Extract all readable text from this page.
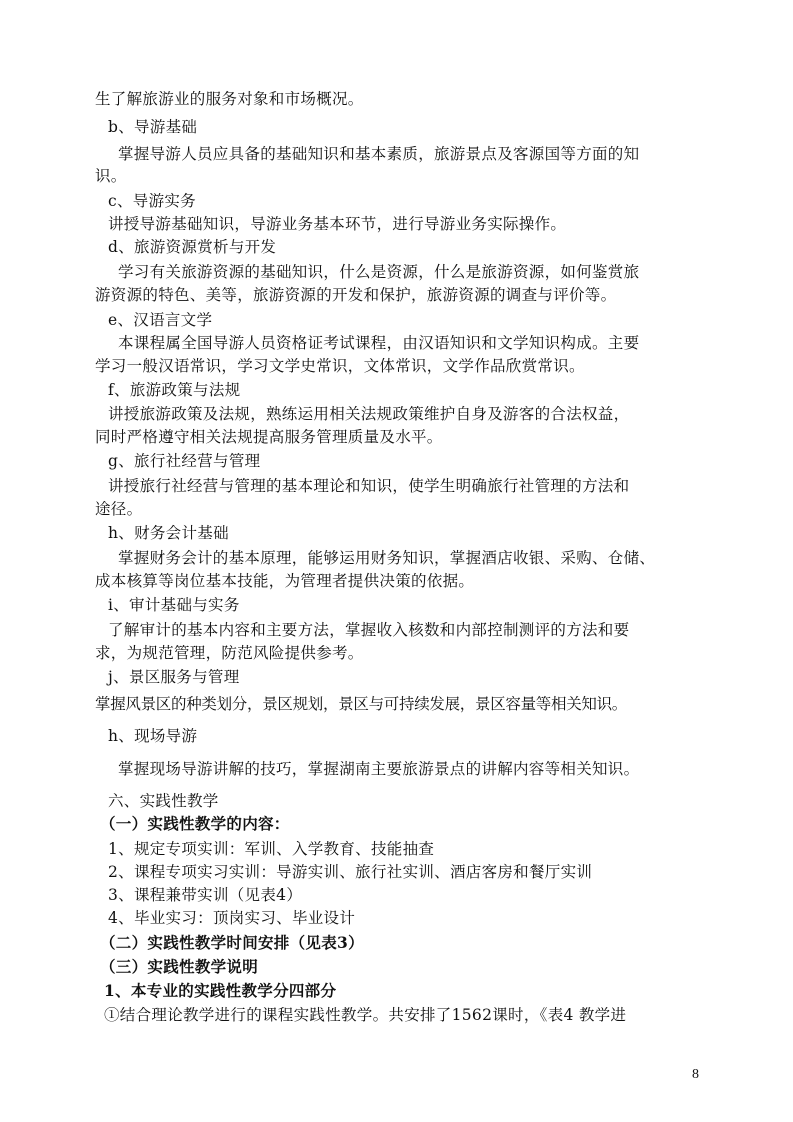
生了解旅游业的服务对象和市场概况。
b、导游基础
掌握导游人员应具备的基础知识和基本素质，旅游景点及客源国等方面的知
识。
c、导游实务
讲授导游基础知识，导游业务基本环节，进行导游业务实际操作。
d、旅游资源赏析与开发
学习有关旅游资源的基础知识，什么是资源，什么是旅游资源，如何鉴赏旅
游资源的特色、美等，旅游资源的开发和保护，旅游资源的调查与评价等。
e、汉语言文学
本课程属全国导游人员资格证考试课程，由汉语知识和文学知识构成。主要
学习一般汉语常识，学习文学史常识，文体常识，文学作品欣赏常识。
f、旅游政策与法规
讲授旅游政策及法规，熟练运用相关法规政策维护自身及游客的合法权益，
同时严格遵守相关法规提高服务管理质量及水平。
g、旅行社经营与管理
讲授旅行社经营与管理的基本理论和知识，使学生明确旅行社管理的方法和
途径。
h、财务会计基础
掌握财务会计的基本原理，能够运用财务知识，掌握酒店收银、采购、仓储、
成本核算等岗位基本技能，为管理者提供决策的依据。
i、审计基础与实务
了解审计的基本内容和主要方法，掌握收入核数和内部控制测评的方法和要
求，为规范管理，防范风险提供参考。
j、景区服务与管理
掌握风景区的种类划分，景区规划，景区与可持续发展，景区容量等相关知识。
h、现场导游
掌握现场导游讲解的技巧，掌握湖南主要旅游景点的讲解内容等相关知识。
六、实践性教学
（一）实践性教学的内容：
1、规定专项实训：军训、入学教育、技能抽查
2、课程专项实习实训：导游实训、旅行社实训、酒店客房和餐厅实训
3、课程兼带实训（见表4）
4、毕业实习：顶岗实习、毕业设计
（二）实践性教学时间安排（见表3）
（三）实践性教学说明
1、本专业的实践性教学分四部分
①结合理论教学进行的课程实践性教学。共安排了1562课时，《表4 教学进
8
